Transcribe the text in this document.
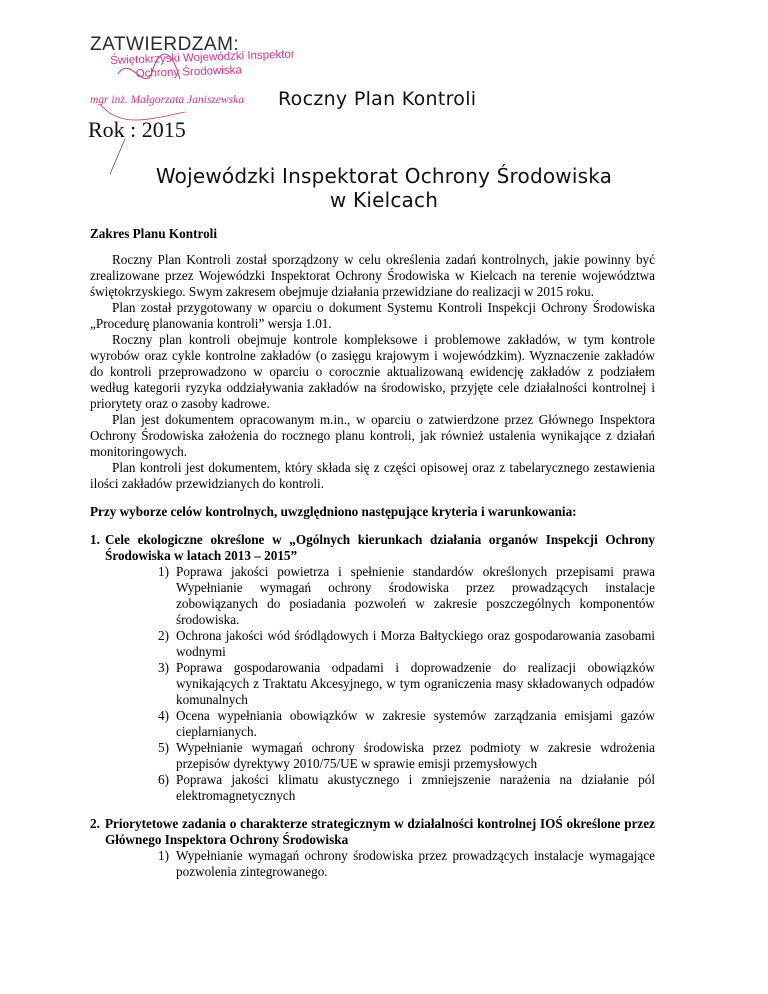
ZATWIERDZAM:
Świętokrzyski Wojewódzki Inspektor
Ochrony Środowiska
mgr inż. Małgorzata Janiszewska Roczny Plan Kontroli
Rok : 2015
Wojewódzki Inspektorat Ochrony Środowiska
w Kielcach

Zakres Planu Kontroli

Roczny Plan Kontroli został sporządzony w celu określenia zadań kontrolnych, jakie powinny być zrealizowane przez Wojewódzki Inspektorat Ochrony Środowiska w Kielcach na terenie województwa świętokrzyskiego. Swym zakresem obejmuje działania przewidziane do realizacji w 2015 roku.

Plan został przygotowany w oparciu o dokument Systemu Kontroli Inspekcji Ochrony Środowiska „Procedurę planowania kontroli” wersja 1.01.

Roczny plan kontroli obejmuje kontrole kompleksowe i problemowe zakładów, w tym kontrole wyrobów oraz cykle kontrolne zakładów (o zasięgu krajowym i wojewódzkim). Wyznaczenie zakładów do kontroli przeprowadzono w oparciu o corocznie aktualizowaną ewidencję zakładów z podziałem według kategorii ryzyka oddziaływania zakładów na środowisko, przyjęte cele działalności kontrolnej i priorytety oraz o zasoby kadrowe.

Plan jest dokumentem opracowanym m.in., w oparciu o zatwierdzone przez Głównego Inspektora Ochrony Środowiska założenia do rocznego planu kontroli, jak również ustalenia wynikające z działań monitoringowych.

Plan kontroli jest dokumentem, który składa się z części opisowej oraz z tabelarycznego zestawienia ilości zakładów przewidzianych do kontroli.

Przy wyborze celów kontrolnych, uwzględniono następujące kryteria i warunkowania:

1. Cele ekologiczne określone w „Ogólnych kierunkach działania organów Inspekcji Ochrony Środowiska w latach 2013 – 2015”
1) Poprawa jakości powietrza i spełnienie standardów określonych przepisami prawa Wypełnianie wymagań ochrony środowiska przez prowadzących instalacje zobowiązanych do posiadania pozwoleń w zakresie poszczególnych komponentów środowiska.
2) Ochrona jakości wód śródlądowych i Morza Bałtyckiego oraz gospodarowania zasobami wodnymi
3) Poprawa gospodarowania odpadami i doprowadzenie do realizacji obowiązków wynikających z Traktatu Akcesyjnego, w tym ograniczenia masy składowanych odpadów komunalnych
4) Ocena wypełniania obowiązków w zakresie systemów zarządzania emisjami gazów cieplarnianych.
5) Wypełnianie wymagań ochrony środowiska przez podmioty w zakresie wdrożenia przepisów dyrektywy 2010/75/UE w sprawie emisji przemysłowych
6) Poprawa jakości klimatu akustycznego i zmniejszenie narażenia na działanie pól elektromagnetycznych
2. Priorytetowe zadania o charakterze strategicznym w działalności kontrolnej IOŚ określone przez Głównego Inspektora Ochrony Środowiska
1) Wypełnianie wymagań ochrony środowiska przez prowadzących instalacje wymagające pozwolenia zintegrowanego.
